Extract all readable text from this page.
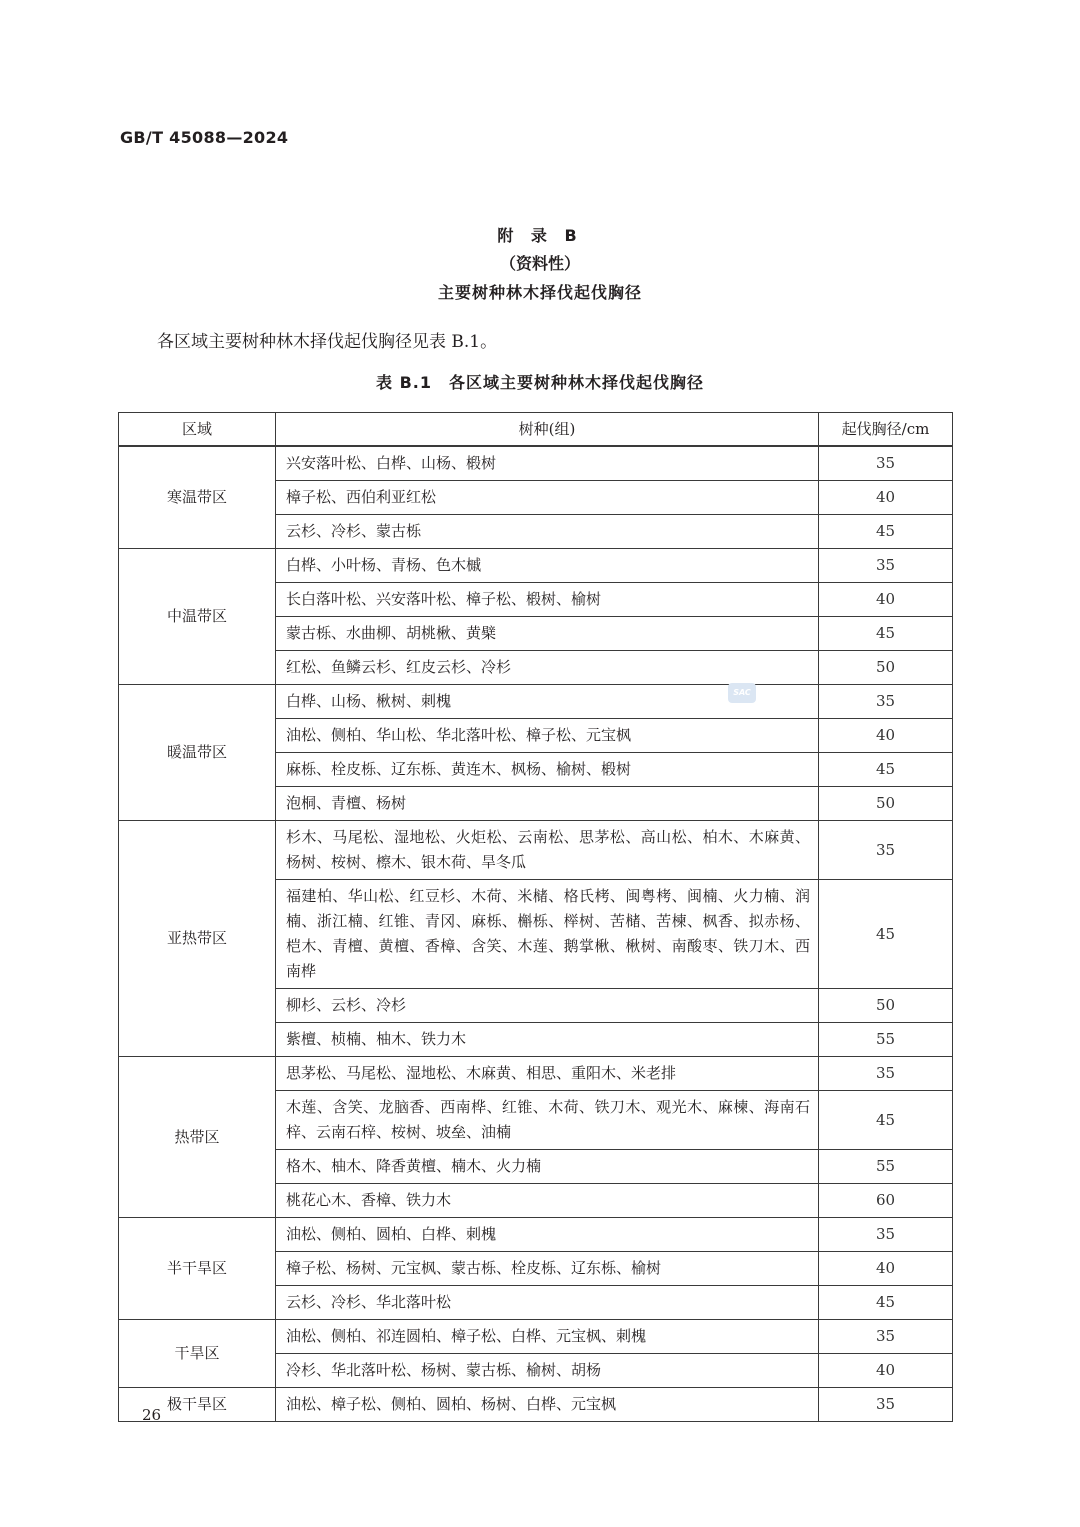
GB/T 45088—2024
附 录 B
（资料性）
主要树种林木择伐起伐胸径
各区域主要树种林木择伐起伐胸径见表 B.1。
表 B.1　各区域主要树种林木择伐起伐胸径
区域	树种(组)	起伐胸径/cm
寒温带区	兴安落叶松、白桦、山杨、椴树	35
	樟子松、西伯利亚红松	40
	云杉、冷杉、蒙古栎	45
中温带区	白桦、小叶杨、青杨、色木槭	35
	长白落叶松、兴安落叶松、樟子松、椴树、榆树	40
	蒙古栎、水曲柳、胡桃楸、黄檗	45
	红松、鱼鳞云杉、红皮云杉、冷杉	50
暖温带区	白桦、山杨、楸树、刺槐	35
	油松、侧柏、华山松、华北落叶松、樟子松、元宝枫	40
	麻栎、栓皮栎、辽东栎、黄连木、枫杨、榆树、椴树	45
	泡桐、青檀、杨树	50
亚热带区	杉木、马尾松、湿地松、火炬松、云南松、思茅松、高山松、柏木、木麻黄、杨树、桉树、檫木、银木荷、旱冬瓜	35
	福建柏、华山松、红豆杉、木荷、米槠、格氏栲、闽粤栲、闽楠、火力楠、润楠、浙江楠、红锥、青冈、麻栎、槲栎、榉树、苦槠、苦楝、枫香、拟赤杨、桤木、青檀、黄檀、香樟、含笑、木莲、鹅掌楸、楸树、南酸枣、铁刀木、西南桦	45
	柳杉、云杉、冷杉	50
	紫檀、桢楠、柚木、铁力木	55
热带区	思茅松、马尾松、湿地松、木麻黄、相思、重阳木、米老排	35
	木莲、含笑、龙脑香、西南桦、红锥、木荷、铁刀木、观光木、麻楝、海南石梓、云南石梓、桉树、坡垒、油楠	45
	格木、柚木、降香黄檀、楠木、火力楠	55
	桃花心木、香樟、铁力木	60
半干旱区	油松、侧柏、圆柏、白桦、刺槐	35
	樟子松、杨树、元宝枫、蒙古栎、栓皮栎、辽东栎、榆树	40
	云杉、冷杉、华北落叶松	45
干旱区	油松、侧柏、祁连圆柏、樟子松、白桦、元宝枫、刺槐	35
	冷杉、华北落叶松、杨树、蒙古栎、榆树、胡杨	40
极干旱区	油松、樟子松、侧柏、圆柏、杨树、白桦、元宝枫	35
SAC
26
